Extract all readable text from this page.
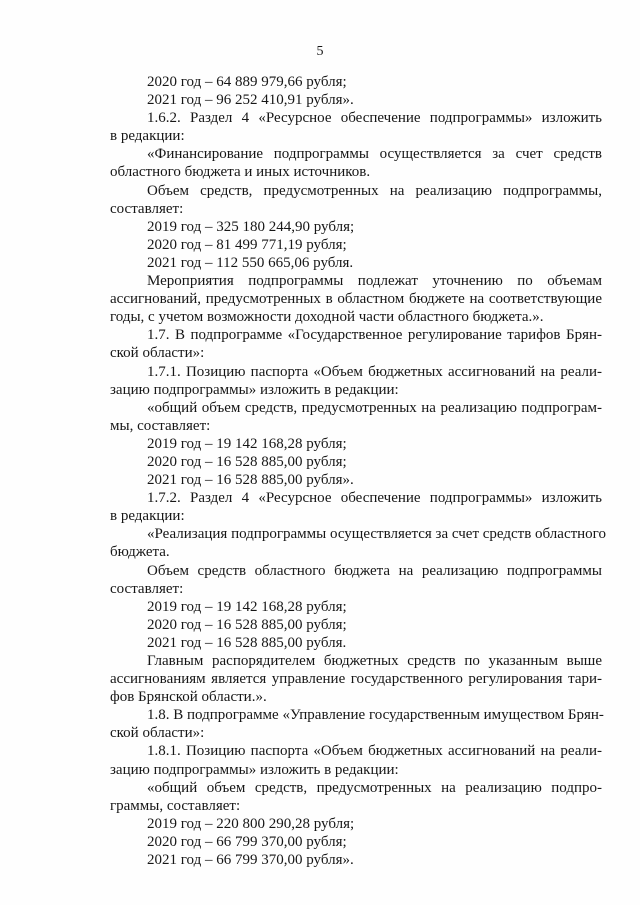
5
2020 год – 64 889 979,66 рубля;
2021 год – 96 252 410,91 рубля».
1.6.2. Раздел 4 «Ресурсное обеспечение подпрограммы» изложить
в редакции:
«Финансирование подпрограммы осуществляется за счет средств
областного бюджета и иных источников.
Объем средств, предусмотренных на реализацию подпрограммы,
составляет:
2019 год – 325 180 244,90 рубля;
2020 год – 81 499 771,19 рубля;
2021 год – 112 550 665,06 рубля.
Мероприятия подпрограммы подлежат уточнению по объемам
ассигнований, предусмотренных в областном бюджете на соответствующие
годы, с учетом возможности доходной части областного бюджета.».
1.7. В подпрограмме «Государственное регулирование тарифов Брян-
ской области»:
1.7.1. Позицию паспорта «Объем бюджетных ассигнований на реали-
зацию подпрограммы» изложить в редакции:
«общий объем средств, предусмотренных на реализацию подпрограм-
мы, составляет:
2019 год – 19 142 168,28 рубля;
2020 год – 16 528 885,00 рубля;
2021 год – 16 528 885,00 рубля».
1.7.2. Раздел 4 «Ресурсное обеспечение подпрограммы» изложить
в редакции:
«Реализация подпрограммы осуществляется за счет средств областного
бюджета.
Объем средств областного бюджета на реализацию подпрограммы
составляет:
2019 год – 19 142 168,28 рубля;
2020 год – 16 528 885,00 рубля;
2021 год – 16 528 885,00 рубля.
Главным распорядителем бюджетных средств по указанным выше
ассигнованиям является управление государственного регулирования тари-
фов Брянской области.».
1.8. В подпрограмме «Управление государственным имуществом Брян-
ской области»:
1.8.1. Позицию паспорта «Объем бюджетных ассигнований на реали-
зацию подпрограммы» изложить в редакции:
«общий объем средств, предусмотренных на реализацию подпро-
граммы, составляет:
2019 год – 220 800 290,28 рубля;
2020 год – 66 799 370,00 рубля;
2021 год – 66 799 370,00 рубля».
